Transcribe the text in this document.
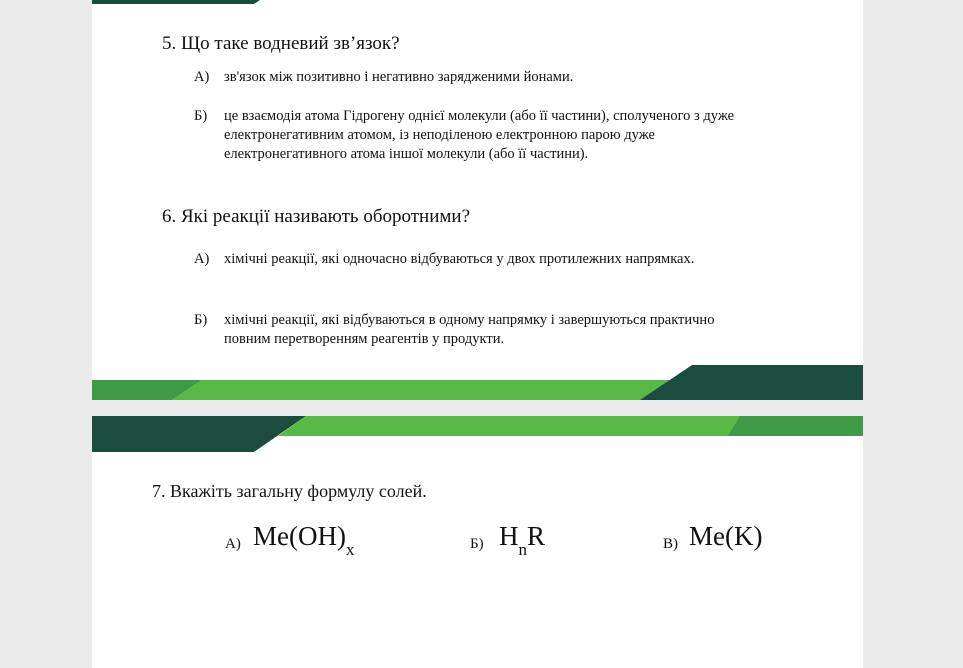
5. Що таке водневий зв’язок?
А) зв'язок між позитивно і негативно зарядженими йонами.
Б) це взаємодія атома Гідрогену однієї молекули (або її частини), сполученого з дуже
електронегативним атомом, із неподіленою електронною парою дуже
електронегативного атома іншої молекули (або її частини).
6. Які реакції називають оборотними?
А) хімічні реакції, які одночасно відбуваються у двох протилежних напрямках.
Б) хімічні реакції, які відбуваються в одному напрямку і завершуються практично
повним перетворенням реагентів у продукти.
7. Вкажіть загальну формулу солей.
А) $Me(OH)_x$	Б) $H_nR$	В) Me(K)
